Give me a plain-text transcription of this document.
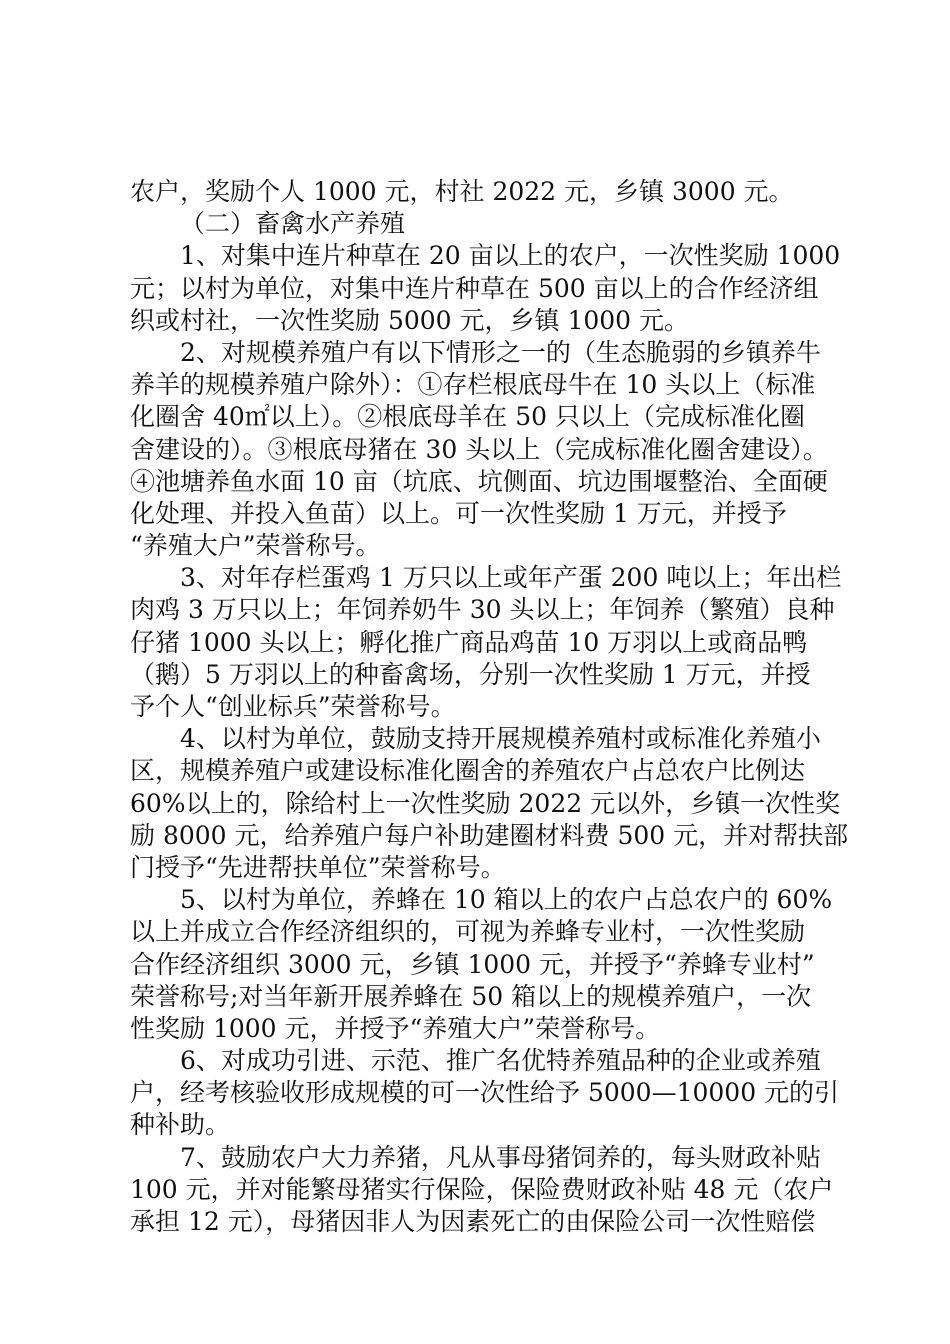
农户，奖励个人 1000 元，村社 2022 元，乡镇 3000 元。
（二）畜禽水产养殖
1、对集中连片种草在 20 亩以上的农户，一次性奖励 1000
元；以村为单位，对集中连片种草在 500 亩以上的合作经济组
织或村社，一次性奖励 5000 元，乡镇 1000 元。
2、对规模养殖户有以下情形之一的（生态脆弱的乡镇养牛
养羊的规模养殖户除外）：①存栏根底母牛在 10 头以上（标准
化圈舍 40㎡以上）。②根底母羊在 50 只以上（完成标准化圈
舍建设的）。③根底母猪在 30 头以上（完成标准化圈舍建设）。
④池塘养鱼水面 10 亩（坑底、坑侧面、坑边围堰整治、全面硬
化处理、并投入鱼苗）以上。可一次性奖励 1 万元，并授予
“养殖大户”荣誉称号。
3、对年存栏蛋鸡 1 万只以上或年产蛋 200 吨以上；年出栏
肉鸡 3 万只以上；年饲养奶牛 30 头以上；年饲养（繁殖）良种
仔猪 1000 头以上；孵化推广商品鸡苗 10 万羽以上或商品鸭
（鹅）5 万羽以上的种畜禽场，分别一次性奖励 1 万元，并授
予个人“创业标兵”荣誉称号。
4、以村为单位，鼓励支持开展规模养殖村或标准化养殖小
区，规模养殖户或建设标准化圈舍的养殖农户占总农户比例达
60%以上的，除给村上一次性奖励 2022 元以外，乡镇一次性奖
励 8000 元，给养殖户每户补助建圈材料费 500 元，并对帮扶部
门授予“先进帮扶单位”荣誉称号。
5、以村为单位，养蜂在 10 箱以上的农户占总农户的 60%
以上并成立合作经济组织的，可视为养蜂专业村，一次性奖励
合作经济组织 3000 元，乡镇 1000 元，并授予“养蜂专业村”
荣誉称号;对当年新开展养蜂在 50 箱以上的规模养殖户，一次
性奖励 1000 元，并授予“养殖大户”荣誉称号。
6、对成功引进、示范、推广名优特养殖品种的企业或养殖
户，经考核验收形成规模的可一次性给予 5000—10000 元的引
种补助。
7、鼓励农户大力养猪，凡从事母猪饲养的，每头财政补贴
100 元，并对能繁母猪实行保险，保险费财政补贴 48 元（农户
承担 12 元），母猪因非人为因素死亡的由保险公司一次性赔偿
